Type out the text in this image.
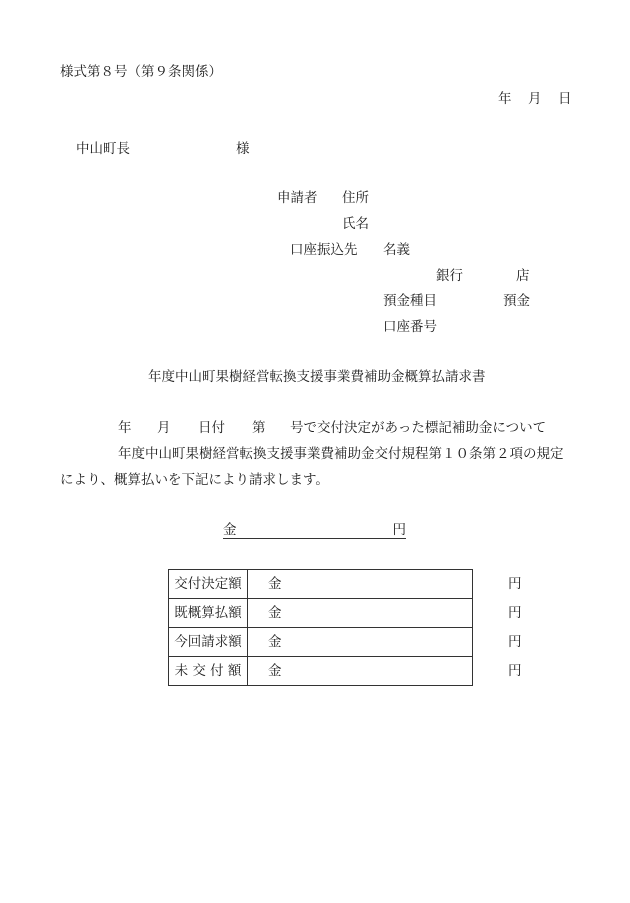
様式第８号（第９条関係）
年 月 日
中山町長	様
申請者 住所
氏名
口座振込先 名義
銀行	店
預金種目	預金
口座番号
年度中山町果樹経営転換支援事業費補助金概算払請求書
年 月 日付 第 号で交付決定があった標記補助金について
年度中山町果樹経営転換支援事業費補助金交付規程第１０条第２項の規定
により、概算払いを下記により請求します。
金	円
交付決定額	金 円

既概算払額	金 円

今回請求額	金 円

未 交 付 額	金 円
